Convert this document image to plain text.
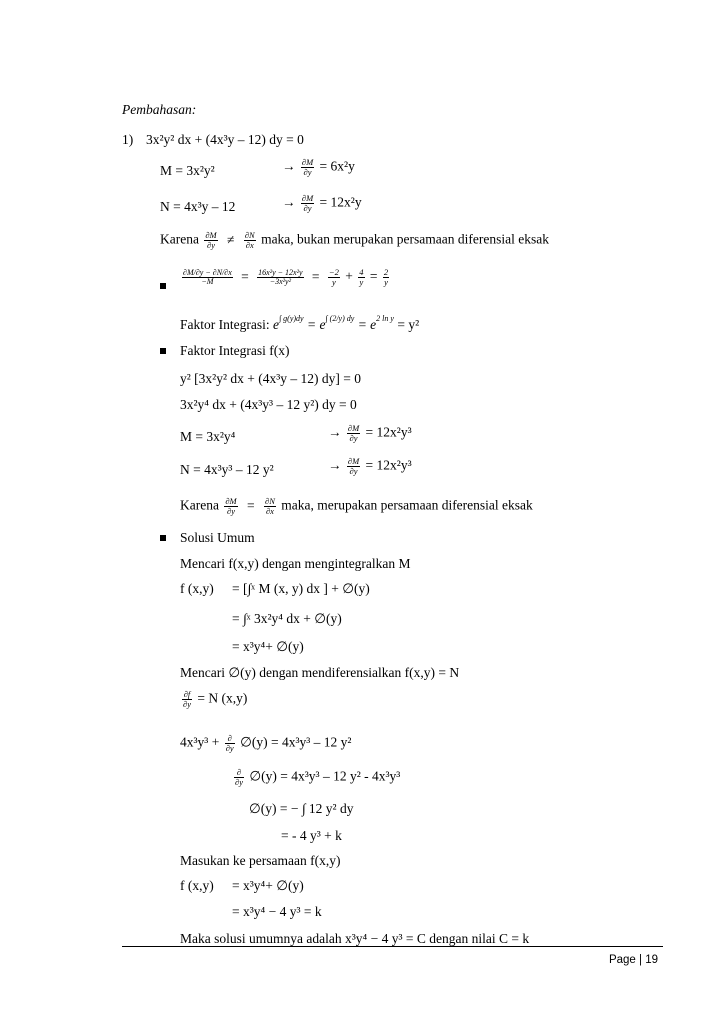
Pembahasan:
1) 3x²y² dx + (4x³y – 12) dy = 0
M = 3x²y²	→ $\frac{\partial M}{\partial y} = 6x^2y$
N = 4x³y – 12	→ $\frac{\partial M}{\partial y} = 12x^2y$
Karena $\frac{\partial M}{\partial y} \ne \frac{\partial N}{\partial x}$ maka, bukan merupakan persamaan diferensial eksak
$\frac{\partial M/\partial y - \partial N/\partial x}{-M} = \frac{\text{16x²y − 12x²y}}{\text{−3x²y²}} = \frac{-2}{y} + \frac{4}{y} = \frac{2}{y}$
Faktor Integrasi: $e^{\int g(y)dy} = e^{\int (2/y) dy} = e^{2 ln y} = y^2$
Faktor Integrasi f(x)
y² [3x²y² dx + (4x³y – 12) dy] = 0
3x²y⁴ dx + (4x³y³ – 12 y²) dy = 0
M = 3x²y⁴	→ $\frac{\partial M}{\partial y} = 12x^2y^3$
N = 4x³y³ – 12 y²	→ $\frac{\partial M}{\partial y} = 12x^2y^3$
Karena $\frac{\partial M}{\partial y} = \frac{\partial N}{\partial x}$ maka, merupakan persamaan diferensial eksak
Solusi Umum
Mencari f(x,y) dengan mengintegralkan M
f (x,y) = [∫ˣ M (x, y) dx ] + ∅(y)
= ∫ˣ 3x²y⁴ dx + ∅(y)
= x³y⁴+ ∅(y)
Mencari ∅(y) dengan mendiferensialkan f(x,y) = N
$\frac{\partial f}{\partial y} = N$ (x,y)
$4x^3y^3 + \frac{\partial}{\partial y}$ ∅(y) = 4x³y³ – 12 y²
$\frac{\partial}{\partial y}$ ∅(y) = 4x³y³ – 12 y² - 4x³y³
∅(y) = − ∫ 12 y² dy
= - 4 y³ + k
Masukan ke persamaan f(x,y)
f (x,y) = x³y⁴+ ∅(y)
= x³y⁴ − 4 y³ = k
Maka solusi umumnya adalah x³y⁴ − 4 y³ = C dengan nilai C = k
Page | 19
